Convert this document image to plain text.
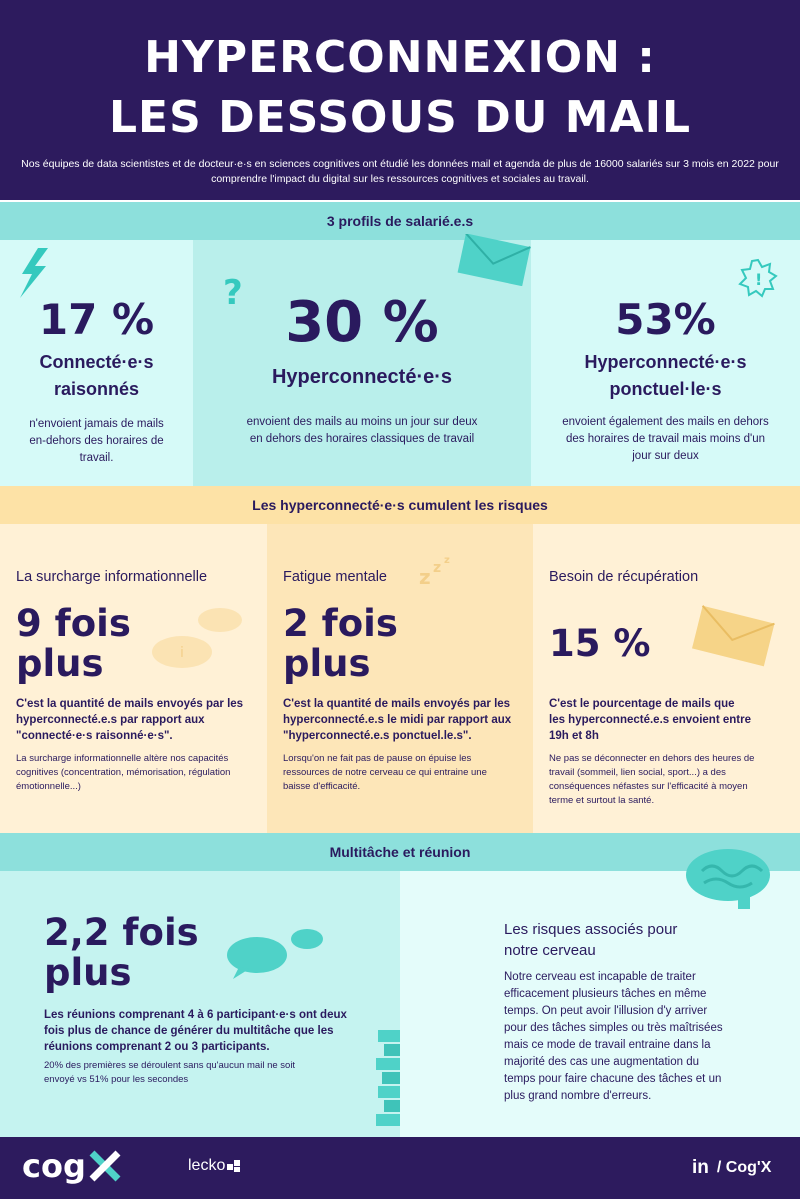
HYPERCONNEXION :
LES DESSOUS DU MAIL
Nos équipes de data scientistes et de docteur·e·s en sciences cognitives ont étudié les données mail et agenda de plus de 16000 salariés sur 3 mois en 2022 pour comprendre l'impact du digital sur les ressources cognitives et sociales au travail.
3 profils de salarié.e.s
17 %
Connecté·e·s
raisonnés
n'envoient jamais de mails
en-dehors des horaires de
travail.
? 30 %
Hyperconnecté·e·s
envoient des mails au moins un jour sur deux
en dehors des horaires classiques de travail
!
53%
Hyperconnecté·e·s
ponctuel·le·s
envoient également des mails en dehors
des horaires de travail mais moins d'un
jour sur deux
Les hyperconnecté·e·s cumulent les risques
i
La surcharge informationnelle
9 fois
plus
C'est la quantité de mails envoyés par les
hyperconnecté.e.s par rapport aux
"connecté·e·s raisonné·e·s".
La surcharge informationnelle altère nos capacités
cognitives (concentration, mémorisation, régulation
émotionnelle...)
z z z
Fatigue mentale
2 fois
plus
C'est la quantité de mails envoyés par les
hyperconnecté.e.s le midi par rapport aux
"hyperconnecté.e.s ponctuel.le.s".
Lorsqu'on ne fait pas de pause on épuise les
ressources de notre cerveau ce qui entraine une
baisse d'efficacité.
Besoin de récupération
15 %
C'est le pourcentage de mails que
les hyperconnecté.e.s envoient entre
19h et 8h
Ne pas se déconnecter en dehors des heures de
travail (sommeil, lien social, sport...) a des
conséquences néfastes sur l'efficacité à moyen
terme et surtout la santé.
Multitâche et réunion
2,2 fois
plus
Les réunions comprenant 4 à 6 participant·e·s ont deux
fois plus de chance de générer du multitâche que les
réunions comprenant 2 ou 3 participants.
20% des premières se déroulent sans qu'aucun mail ne soit
envoyé vs 51% pour les secondes
Les risques associés pour
notre cerveau
Notre cerveau est incapable de traiter
efficacement plusieurs tâches en même
temps. On peut avoir l'illusion d'y arriver
pour des tâches simples ou très maîtrisées
mais ce mode de travail entraine dans la
majorité des cas une augmentation du
temps pour faire chacune des tâches et un
plus grand nombre d'erreurs.
cog	lecko	in / Cog'X
